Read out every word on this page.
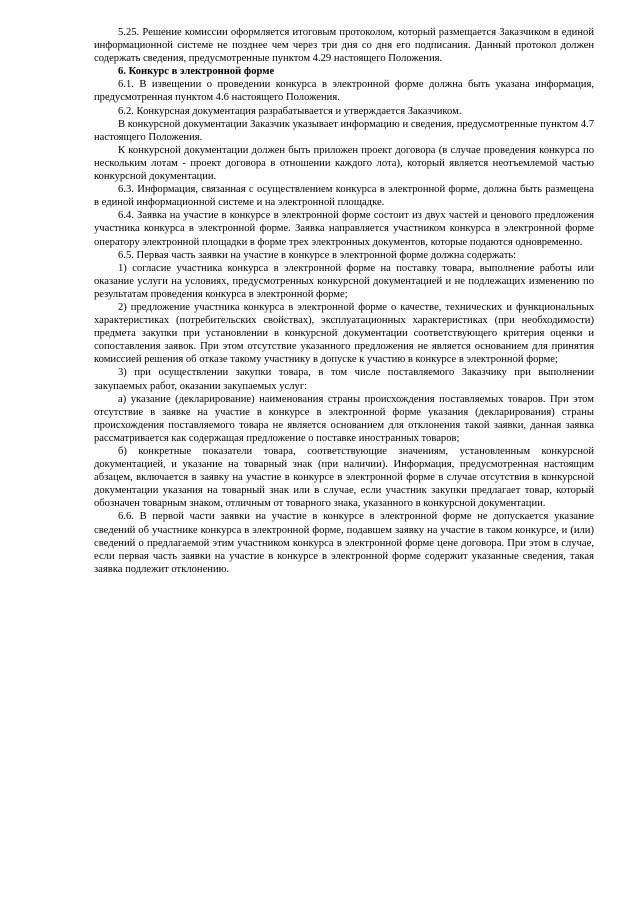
5.25. Решение комиссии оформляется итоговым протоколом, который размещается Заказчиком в единой информационной системе не позднее чем через три дня со дня его подписания. Данный протокол должен содержать сведения, предусмотренные пунктом 4.29 настоящего Положения.

6. Конкурс в электронной форме

6.1. В извещении о проведении конкурса в электронной форме должна быть указана информация, предусмотренная пунктом 4.6 настоящего Положения.

6.2. Конкурсная документация разрабатывается и утверждается Заказчиком.

В конкурсной документации Заказчик указывает информацию и сведения, предусмотренные пунктом 4.7 настоящего Положения.

К конкурсной документации должен быть приложен проект договора (в случае проведения конкурса по нескольким лотам - проект договора в отношении каждого лота), который является неотъемлемой частью конкурсной документации.

6.3. Информация, связанная с осуществлением конкурса в электронной форме, должна быть размещена в единой информационной системе и на электронной площадке.

6.4. Заявка на участие в конкурсе в электронной форме состоит из двух частей и ценового предложения участника конкурса в электронной форме. Заявка направляется участником конкурса в электронной форме оператору электронной площадки в форме трех электронных документов, которые подаются одновременно.

6.5. Первая часть заявки на участие в конкурсе в электронной форме должна содержать:

1) согласие участника конкурса в электронной форме на поставку товара, выполнение работы или оказание услуги на условиях, предусмотренных конкурсной документацией и не подлежащих изменению по результатам проведения конкурса в электронной форме;

2) предложение участника конкурса в электронной форме о качестве, технических и функциональных характеристиках (потребительских свойствах), эксплуатационных характеристиках (при необходимости) предмета закупки при установлении в конкурсной документации соответствующего критерия оценки и сопоставления заявок. При этом отсутствие указанного предложения не является основанием для принятия комиссией решения об отказе такому участнику в допуске к участию в конкурсе в электронной форме;

3) при осуществлении закупки товара, в том числе поставляемого Заказчику при выполнении закупаемых работ, оказании закупаемых услуг:

а) указание (декларирование) наименования страны происхождения поставляемых товаров. При этом отсутствие в заявке на участие в конкурсе в электронной форме указания (декларирования) страны происхождения поставляемого товара не является основанием для отклонения такой заявки, данная заявка рассматривается как содержащая предложение о поставке иностранных товаров;

б) конкретные показатели товара, соответствующие значениям, установленным конкурсной документацией, и указание на товарный знак (при наличии). Информация, предусмотренная настоящим абзацем, включается в заявку на участие в конкурсе в электронной форме в случае отсутствия в конкурсной документации указания на товарный знак или в случае, если участник закупки предлагает товар, который обозначен товарным знаком, отличным от товарного знака, указанного в конкурсной документации.

6.6. В первой части заявки на участие в конкурсе в электронной форме не допускается указание сведений об участнике конкурса в электронной форме, подавшем заявку на участие в таком конкурсе, и (или) сведений о предлагаемой этим участником конкурса в электронной форме цене договора. При этом в случае, если первая часть заявки на участие в конкурсе в электронной форме содержит указанные сведения, такая заявка подлежит отклонению.
